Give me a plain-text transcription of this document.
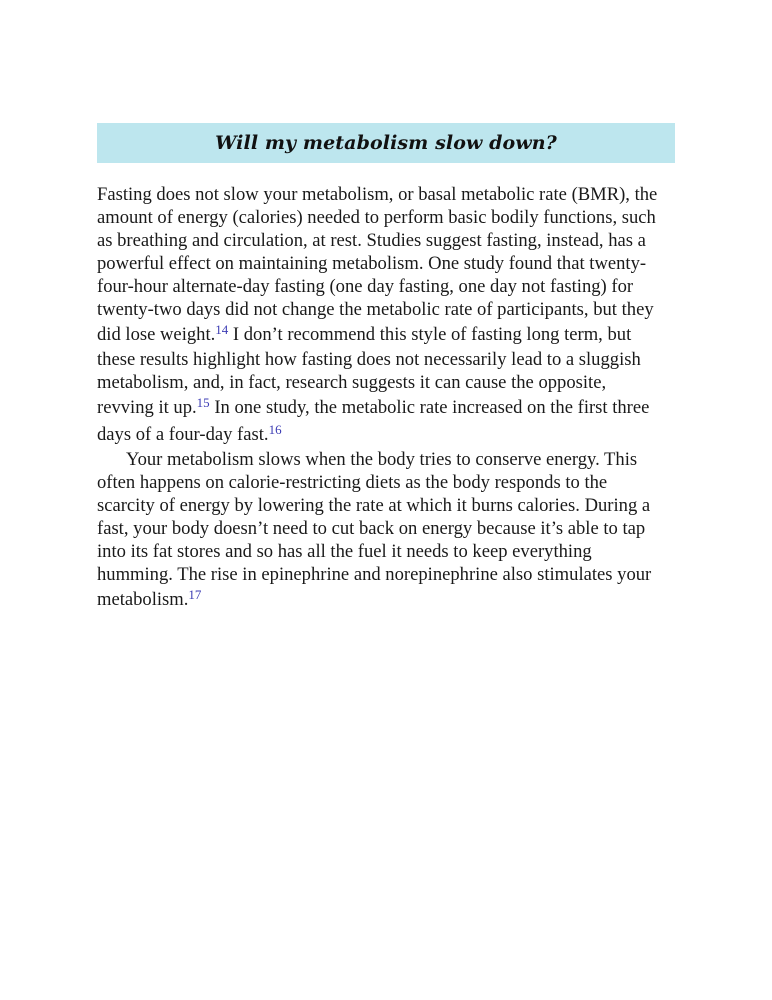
Will my metabolism slow down?
Fasting does not slow your metabolism, or basal metabolic rate (BMR), the
amount of energy (calories) needed to perform basic bodily functions, such
as breathing and circulation, at rest. Studies suggest fasting, instead, has a
powerful effect on maintaining metabolism. One study found that twenty-
four-hour alternate-day fasting (one day fasting, one day not fasting) for
twenty-two days did not change the metabolic rate of participants, but they
did lose weight.$^{14}$ I don’t recommend this style of fasting long term, but
these results highlight how fasting does not necessarily lead to a sluggish
metabolism, and, in fact, research suggests it can cause the opposite,
revving it up.$^{15}$ In one study, the metabolic rate increased on the first three
days of a four-day fast.$^{16}$
Your metabolism slows when the body tries to conserve energy. This
often happens on calorie-restricting diets as the body responds to the
scarcity of energy by lowering the rate at which it burns calories. During a
fast, your body doesn’t need to cut back on energy because it’s able to tap
into its fat stores and so has all the fuel it needs to keep everything
humming. The rise in epinephrine and norepinephrine also stimulates your
metabolism.$^{17}$
